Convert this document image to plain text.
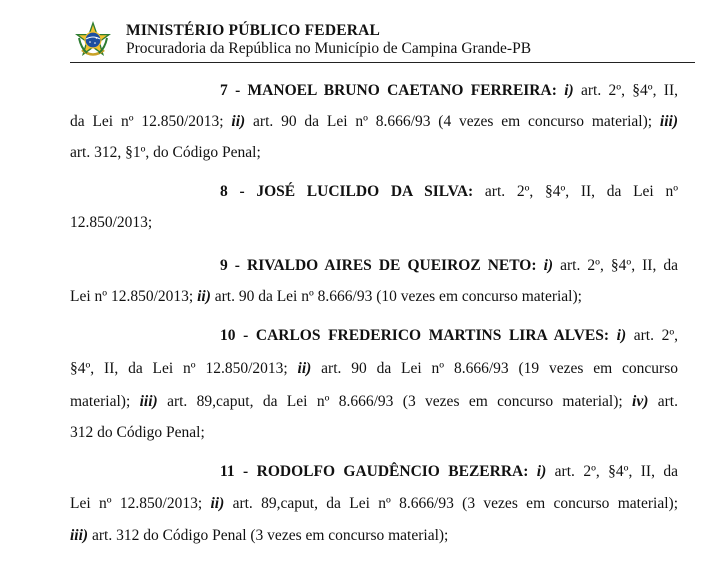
MINISTÉRIO PÚBLICO FEDERAL
Procuradoria da República no Município de Campina Grande-PB
7 - MANOEL BRUNO CAETANO FERREIRA: i) art. 2º, §4º, II,
da Lei nº 12.850/2013; ii) art. 90 da Lei nº 8.666/93 (4 vezes em concurso material); iii)
art. 312, §1º, do Código Penal;
8 - JOSÉ LUCILDO DA SILVA: art. 2º, §4º, II, da Lei nº
12.850/2013;
9 - RIVALDO AIRES DE QUEIROZ NETO: i) art. 2º, §4º, II, da
Lei nº 12.850/2013; ii) art. 90 da Lei nº 8.666/93 (10 vezes em concurso material);
10 - CARLOS FREDERICO MARTINS LIRA ALVES: i) art. 2º,
§4º, II, da Lei nº 12.850/2013; ii) art. 90 da Lei nº 8.666/93 (19 vezes em concurso
material); iii) art. 89,caput, da Lei nº 8.666/93 (3 vezes em concurso material); iv) art.
312 do Código Penal;
11 - RODOLFO GAUDÊNCIO BEZERRA: i) art. 2º, §4º, II, da
Lei nº 12.850/2013; ii) art. 89,caput, da Lei nº 8.666/93 (3 vezes em concurso material);
iii) art. 312 do Código Penal (3 vezes em concurso material);
